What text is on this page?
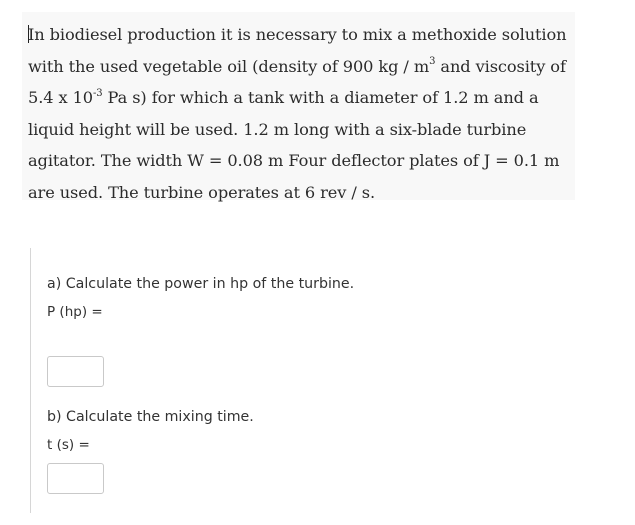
In biodiesel production it is necessary to mix a methoxide solution with the used vegetable oil (density of 900 kg / $m^3$ and viscosity of 5.4 x $10^{-3}$ Pa s) for which a tank with a diameter of 1.2 m and a liquid height will be used. 1.2 m long with a six-blade turbine agitator. The width W = 0.08 m Four deflector plates of J = 0.1 m are used. The turbine operates at 6 rev / s.

a) Calculate the power in hp of the turbine.

P (hp) =

b) Calculate the mixing time.

t (s) =
